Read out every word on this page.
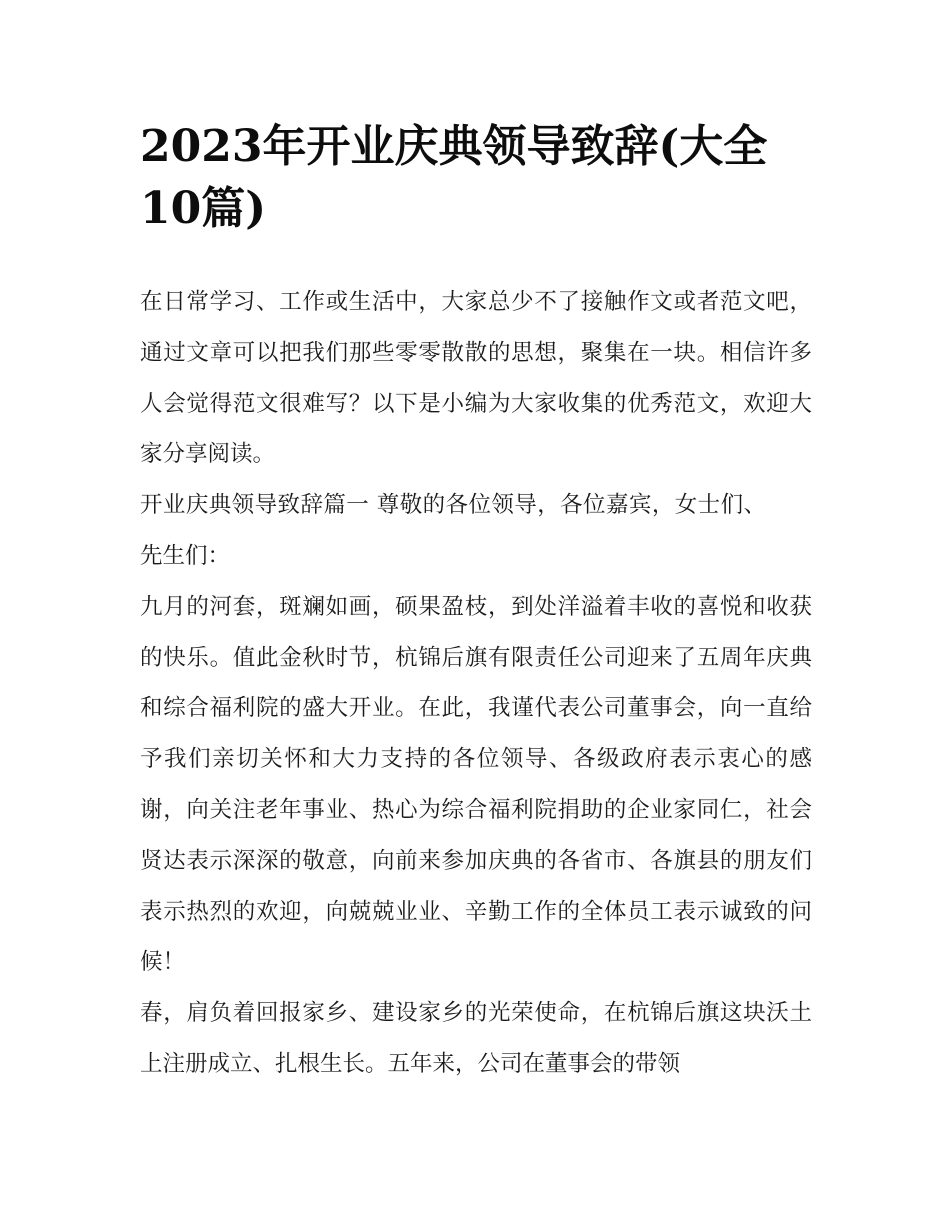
2023年开业庆典领导致辞(大全10篇)

在日常学习、工作或生活中，大家总少不了接触作文或者范文吧，通过文章可以把我们那些零零散散的思想，聚集在一块。相信许多人会觉得范文很难写？以下是小编为大家收集的优秀范文，欢迎大家分享阅读。

开业庆典领导致辞篇一 尊敬的各位领导，各位嘉宾，女士们、先生们：

九月的河套，斑斓如画，硕果盈枝，到处洋溢着丰收的喜悦和收获的快乐。值此金秋时节，杭锦后旗有限责任公司迎来了五周年庆典和综合福利院的盛大开业。在此，我谨代表公司董事会，向一直给予我们亲切关怀和大力支持的各位领导、各级政府表示衷心的感谢，向关注老年事业、热心为综合福利院捐助的企业家同仁，社会贤达表示深深的敬意，向前来参加庆典的各省市、各旗县的朋友们表示热烈的欢迎，向兢兢业业、辛勤工作的全体员工表示诚致的问候！

春，肩负着回报家乡、建设家乡的光荣使命，在杭锦后旗这块沃土上注册成立、扎根生长。五年来，公司在董事会的带领
